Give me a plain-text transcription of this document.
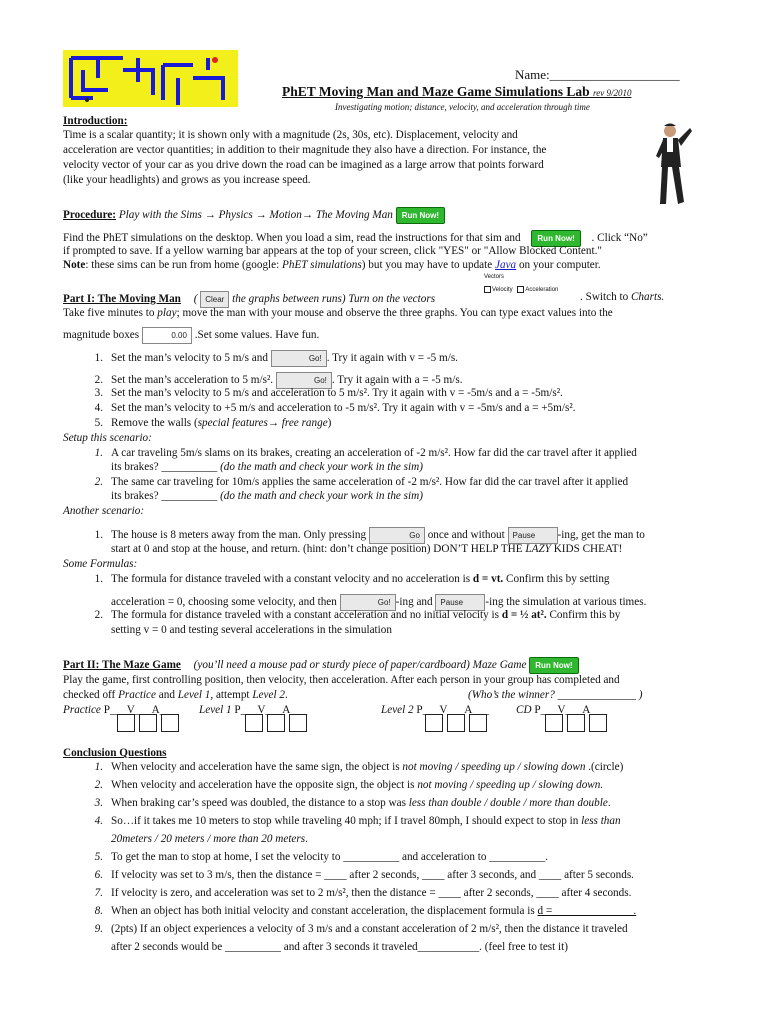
Name:____________________
PhET Moving Man and Maze Game Simulations Lab rev 9/2010
Investigating motion; distance, velocity, and acceleration through time
Introduction:
Time is a scalar quantity; it is shown only with a magnitude (2s, 30s, etc). Displacement, velocity and
acceleration are vector quantities; in addition to their magnitude they also have a direction. For instance, the
velocity vector of your car as you drive down the road can be imagined as a large arrow that points forward
(like your headlights) and grows as you increase speed.
Procedure: Play with the Sims → Physics → Motion→ The Moving Man Run Now!
Find the PhET simulations on the desktop. When you load a sim, read the instructions for that sim and Run Now! . Click “No”
if prompted to save. If a yellow warning bar appears at the top of your screen, click "YES" or "Allow Blocked Content."
Note: these sims can be run from home (google: PhET simulations) but you may have to update Java on your computer.
Part I: The Moving Man ( Clear the graphs between runs) Turn on the vectors
Vectors
Velocity Acceleration
. Switch to Charts.
Take five minutes to play; move the man with your mouse and observe the three graphs. You can type exact values into the
magnitude boxes	0.00 .Set some values. Have fun.
1. Set the man’s velocity to 5 m/s and	Go! . Try it again with v = -5 m/s.
2. Set the man’s acceleration to 5 m/s².	Go! . Try it again with a = -5 m/s.
3. Set the man’s velocity to 5 m/s and acceleration to 5 m/s². Try it again with v = -5m/s and a = -5m/s².
4. Set the man’s velocity to +5 m/s and acceleration to -5 m/s². Try it again with v = -5m/s and a = +5m/s².
5. Remove the walls (special features→ free range)
Setup this scenario:
1. A car traveling 5m/s slams on its brakes, creating an acceleration of -2 m/s². How far did the car travel after it applied
its brakes? __________ (do the math and check your work in the sim)
2. The same car traveling for 10m/s applies the same acceleration of -2 m/s². How far did the car travel after it applied
its brakes? __________ (do the math and check your work in the sim)
Another scenario:
1. The house is 8 meters away from the man. Only pressing	Go once and without Pause -ing, get the man to
start at 0 and stop at the house, and return. (hint: don’t change position) DON’T HELP THE LAZY KIDS CHEAT!
Some Formulas:
1. The formula for distance traveled with a constant velocity and no acceleration is d = vt. Confirm this by setting
acceleration = 0, choosing some velocity, and then	Go! -ing and Pause -ing the simulation at various times.
2. The formula for distance traveled with a constant acceleration and no initial velocity is d = ½ at². Confirm this by
setting v = 0 and testing several accelerations in the simulation
Part II: The Maze Game (you’ll need a mouse pad or sturdy piece of paper/cardboard) Maze Game Run Now!
Play the game, first controlling position, then velocity, then acceleration. After each person in your group has completed and
checked off Practice and Level 1, attempt Level 2.	(Who’s the winner? ______________ )
Practice P___V___A___ Level 1 P___V___A___	Level 2 P___V___A___ CD P___V___A___
Conclusion Questions
1. When velocity and acceleration have the same sign, the object is not moving / speeding up / slowing down .(circle)
2. When velocity and acceleration have the opposite sign, the object is not moving / speeding up / slowing down.
3. When braking car’s speed was doubled, the distance to a stop was less than double / double / more than double.
4. So…if it takes me 10 meters to stop while traveling 40 mph; if I travel 80mph, I should expect to stop in less than
20meters / 20 meters / more than 20 meters.
5. To get the man to stop at home, I set the velocity to __________ and acceleration to __________.
6. If velocity was set to 3 m/s, then the distance = ____ after 2 seconds, ____ after 3 seconds, and ____ after 5 seconds.
7. If velocity is zero, and acceleration was set to 2 m/s², then the distance = ____ after 2 seconds, ____ after 4 seconds.
8. When an object has both initial velocity and constant acceleration, the displacement formula is d = ______________.
9. (2pts) If an object experiences a velocity of 3 m/s and a constant acceleration of 2 m/s², then the distance it traveled
after 2 seconds would be __________ and after 3 seconds it traveled___________. (feel free to test it)
